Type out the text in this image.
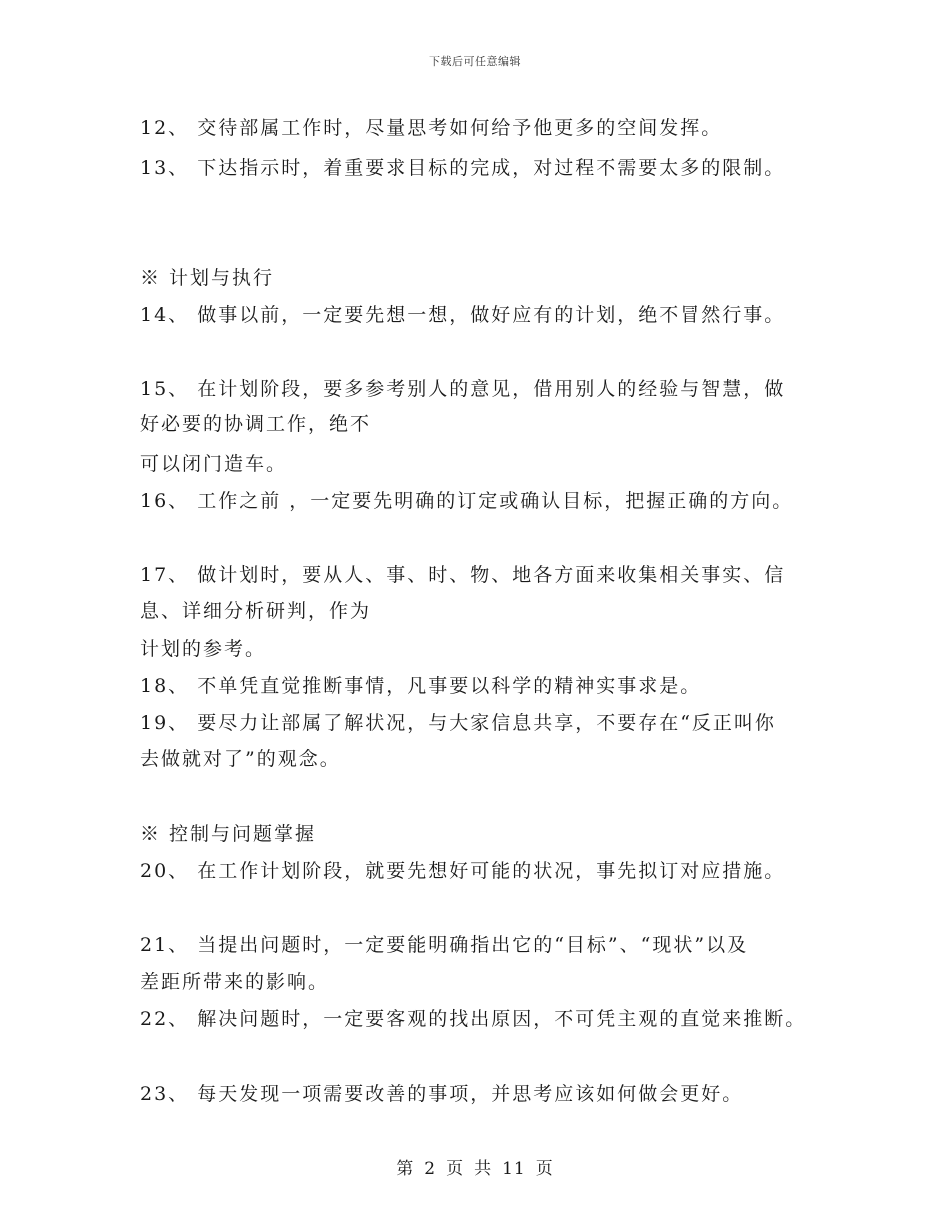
下载后可任意编辑
12、 交待部属工作时，尽量思考如何给予他更多的空间发挥。
13、 下达指示时，着重要求目标的完成，对过程不需要太多的限制。
※ 计划与执行
14、 做事以前，一定要先想一想，做好应有的计划，绝不冒然行事。
15、 在计划阶段，要多参考别人的意见，借用别人的经验与智慧，做
好必要的协调工作，绝不
可以闭门造车。
16、 工作之前 ，一定要先明确的订定或确认目标，把握正确的方向。
17、 做计划时，要从人、事、时、物、地各方面来收集相关事实、信
息、详细分析研判，作为
计划的参考。
18、 不单凭直觉推断事情，凡事要以科学的精神实事求是。
19、 要尽力让部属了解状况，与大家信息共享，不要存在“反正叫你
去做就对了”的观念。
※ 控制与问题掌握
20、 在工作计划阶段，就要先想好可能的状况，事先拟订对应措施。
21、 当提出问题时，一定要能明确指出它的“目标”、“现状”以及
差距所带来的影响。
22、 解决问题时，一定要客观的找出原因，不可凭主观的直觉来推断。
23、 每天发现一项需要改善的事项，并思考应该如何做会更好。
第 2 页 共 11 页
